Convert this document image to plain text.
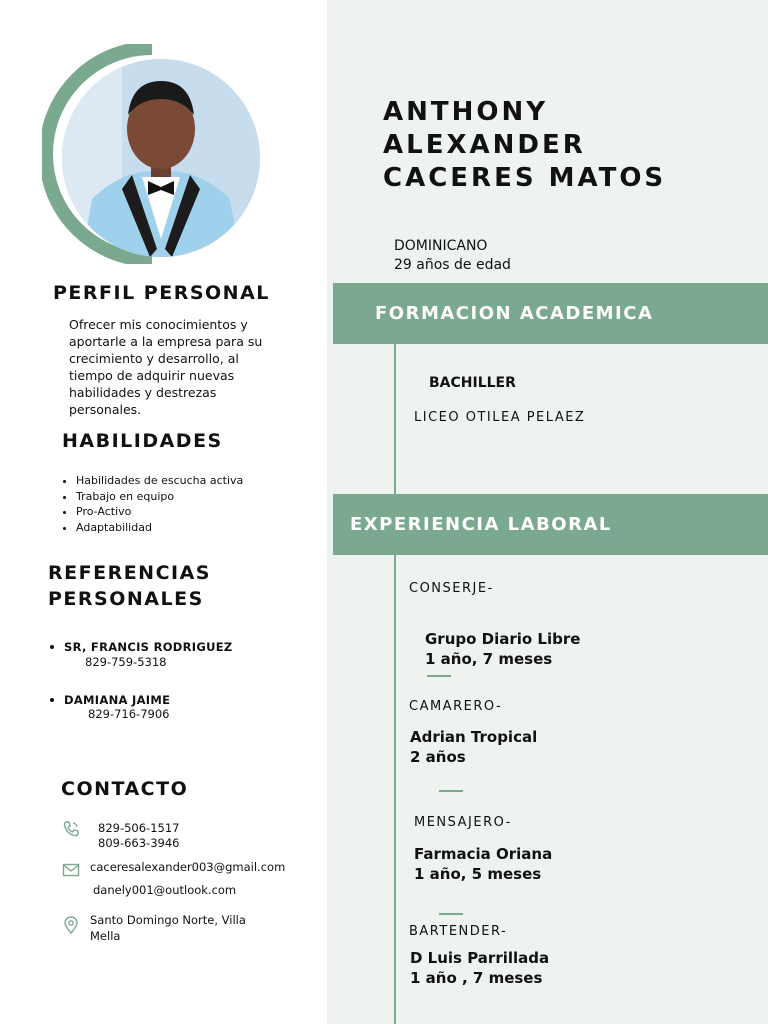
PERFIL PERSONAL
Ofrecer mis conocimientos y aportarle a la empresa para su crecimiento y desarrollo, al tiempo de adquirir nuevas habilidades y destrezas personales.
HABILIDADES
• Habilidades de escucha activa
• Trabajo en equipo
• Pro-Activo
• Adaptabilidad
REFERENCIAS
PERSONALES
SR, FRANCIS RODRIGUEZ
829-759-5318
DAMIANA JAIME
829-716-7906
CONTACTO
829-506-1517
809-663-3946
caceresalexander003@gmail.com
danely001@outlook.com
Santo Domingo Norte, Villa Mella
ANTHONY
ALEXANDER
CACERES MATOS
DOMINICANO
29 años de edad
FORMACION ACADEMICA
BACHILLER
LICEO OTILEA PELAEZ
EXPERIENCIA LABORAL
CONSERJE-
Grupo Diario Libre
1 año, 7 meses
CAMARERO-
Adrian Tropical
2 años
MENSAJERO-
Farmacia Oriana
1 año, 5 meses
BARTENDER-
D Luis Parrillada
1 año , 7 meses
